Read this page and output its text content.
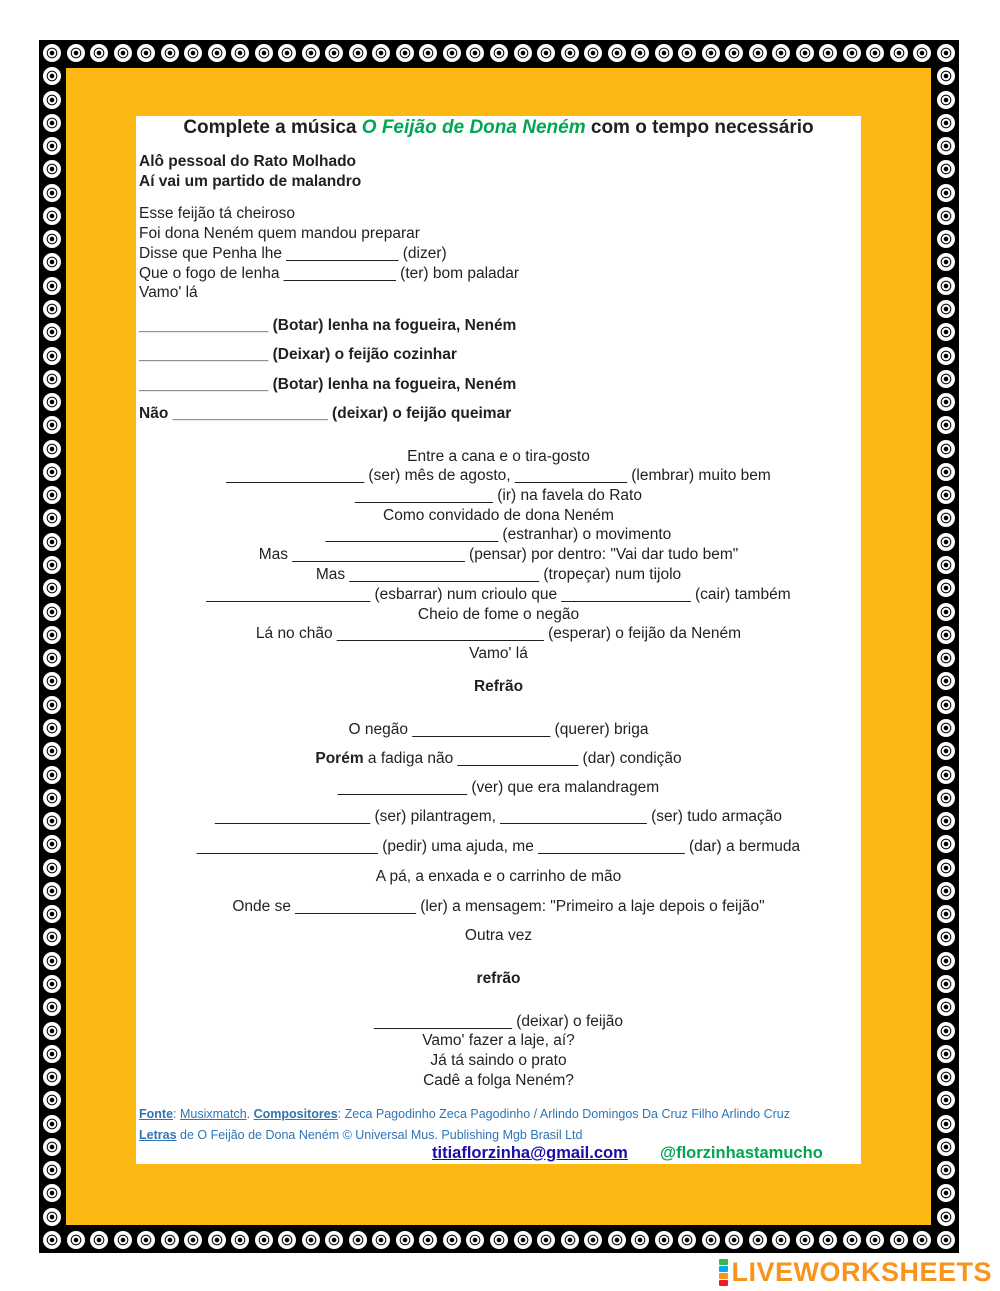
Complete a música O Feijão de Dona Neném com o tempo necessário
Alô pessoal do Rato Molhado
Aí vai um partido de malandro
Esse feijão tá cheiroso
Foi dona Neném quem mandou preparar
Disse que Penha lhe _____________ (dizer)
Que o fogo de lenha _____________ (ter) bom paladar
Vamo' lá
_______________ (Botar) lenha na fogueira, Neném
_______________ (Deixar) o feijão cozinhar
_______________ (Botar) lenha na fogueira, Neném
Não __________________ (deixar) o feijão queimar
Entre a cana e o tira-gosto
________________ (ser) mês de agosto, _____________ (lembrar) muito bem
________________ (ir) na favela do Rato
Como convidado de dona Neném
____________________ (estranhar) o movimento
Mas ____________________ (pensar) por dentro: "Vai dar tudo bem"
Mas ______________________ (tropeçar) num tijolo
___________________ (esbarrar) num crioulo que _______________ (cair) também
Cheio de fome o negão
Lá no chão ________________________ (esperar) o feijão da Neném
Vamo' lá
Refrão
O negão ________________ (querer) briga
Porém a fadiga não ______________ (dar) condição
_______________ (ver) que era malandragem
__________________ (ser) pilantragem, _________________ (ser) tudo armação
_____________________ (pedir) uma ajuda, me _________________ (dar) a bermuda
A pá, a enxada e o carrinho de mão
Onde se ______________ (ler) a mensagem: "Primeiro a laje depois o feijão"
Outra vez
refrão
________________ (deixar) o feijão
Vamo' fazer a laje, aí?
Já tá saindo o prato
Cadê a folga Neném?
Fonte: Musixmatch. Compositores: Zeca Pagodinho Zeca Pagodinho / Arlindo Domingos Da Cruz Filho Arlindo Cruz
Letras de O Feijão de Dona Neném © Universal Mus. Publishing Mgb Brasil Ltd
titiaflorzinha@gmail.com @florzinhastamucho
LIVEWORKSHEETS
